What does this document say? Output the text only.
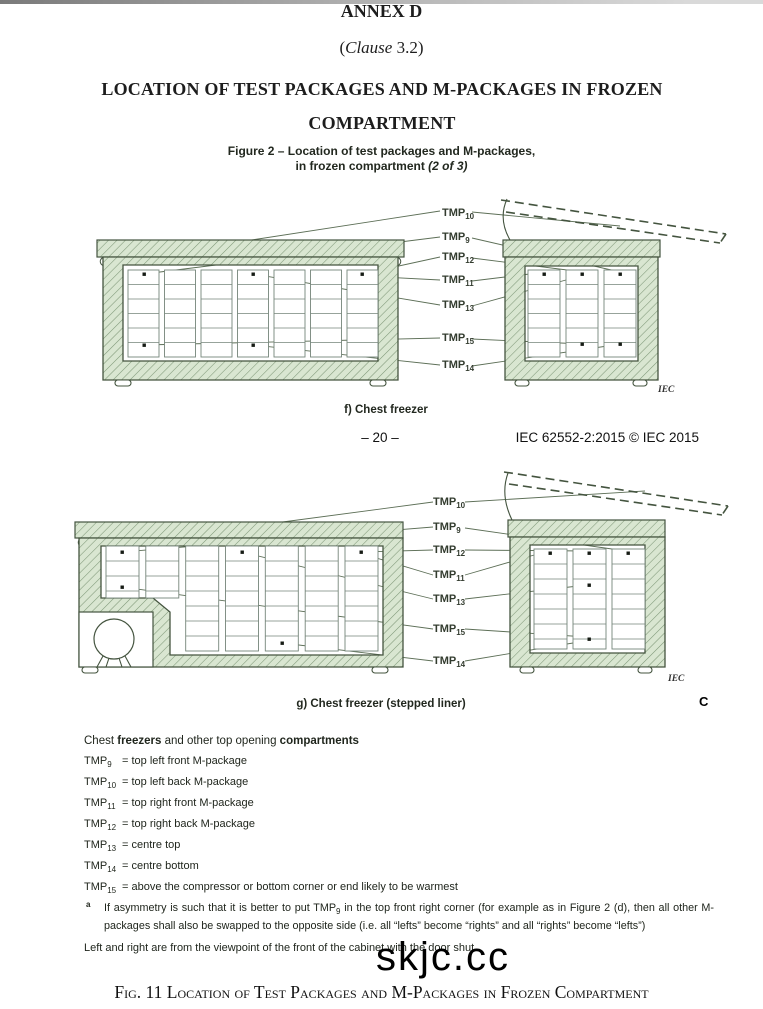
ANNEX D
(Clause 3.2)
LOCATION OF TEST PACKAGES AND M-PACKAGES IN FROZEN COMPARTMENT
Figure 2 – Location of test packages and M-packages,
in frozen compartment (2 of 3)
$TMP_{10}$
$TMP_9$
$TMP_{12}$
$TMP_{11}$
$TMP_{13}$
$TMP_{15}$
$TMP_{14}$
IEC
f) Chest freezer
– 20 –	IEC 62552-2:2015 © IEC 2015
$TMP_{10}$
$TMP_9$
$TMP_{12}$
$TMP_{11}$
$TMP_{13}$
$TMP_{15}$
$TMP_{14}$
IEC
g) Chest freezer (stepped liner)	C
Chest freezers and other top opening compartments
$TMP_9$ = top left front M-package
$TMP_{10}$ = top left back M-package
$TMP_{11}$ = top right front M-package
$TMP_{12}$ = top right back M-package
$TMP_{13}$ = centre top
$TMP_{14}$ = centre bottom
$TMP_{15}$ = above the compressor or bottom corner or end likely to be warmest
a If asymmetry is such that it is better to put $TMP_9$ in the top front right corner (for example as in Figure 2 (d), then all other M-packages shall also be swapped to the opposite side (i.e. all “lefts” become “rights” and all “rights” become “lefts”)
Left and right are from the viewpoint of the front of the cabinet with the door shut.
skjc.cc
Fig. 11 Location of Test Packages and M-Packages in Frozen Compartment
